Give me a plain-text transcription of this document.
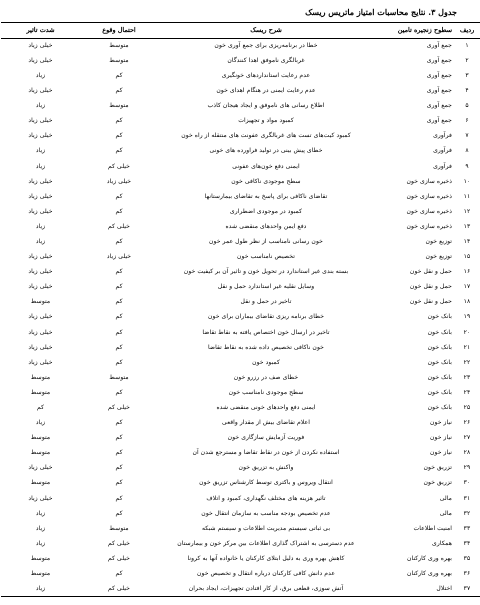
جدول ۳. نتایج محاسبات امتیاز ماتریس ریسک
ردیف	سطوح زنجیره تامین	شرح ریسک	احتمال وقوع	شدت تاثیر
۱	جمع آوری	خطا در برنامه‌ریزی برای جمع آوری خون	متوسط	خیلی زیاد
۲	جمع آوری	غربالگری ناموفق اهدا کنندگان	متوسط	خیلی زیاد
۳	جمع آوری	عدم رعایت استانداردهای خونگیری	کم	زیاد
۴	جمع آوری	عدم رعایت ایمنی در هنگام اهدای خون	کم	خیلی زیاد
۵	جمع آوری	اطلاع رسانی های ناموفق و ایجاد هیجان کاذب	متوسط	زیاد
۶	جمع آوری	کمبود مواد و تجهیزات	کم	خیلی زیاد
۷	فرآوری	کمبود کیت‌های تست های غربالگری عفونت های منتقله از راه خون	کم	خیلی زیاد
۸	فرآوری	خطای پیش بینی در تولید فراورده های خونی	کم	زیاد
۹	فرآوری	ایمنی دفع خون‌های عفونی	خیلی کم	زیاد
۱۰	ذخیره سازی خون	سطح موجودی ناکافی خون	خیلی زیاد	خیلی زیاد
۱۱	ذخیره سازی خون	تقاضای ناکافی برای پاسخ به تقاضای بیمارستانها	کم	خیلی زیاد
۱۲	ذخیره سازی خون	کمبود در موجودی اضطراری	کم	خیلی زیاد
۱۳	ذخیره سازی خون	دفع ایمن واحدهای منقضی شده	خیلی کم	زیاد
۱۴	توزیع خون	خون رسانی نامناسب از نظر طول عمر خون	کم	زیاد
۱۵	توزیع خون	تخصیص نامناسب خون	خیلی زیاد	خیلی زیاد
۱۶	حمل و نقل خون	بسته بندی غیر استاندارد در تحویل خون و تاثیر آن بر کیفیت خون	کم	خیلی زیاد
۱۷	حمل و نقل خون	وسایل نقلیه غیر استاندارد حمل و نقل	کم	خیلی زیاد
۱۸	حمل و نقل خون	تاخیر در حمل و نقل	کم	متوسط
۱۹	بانک خون	خطای برنامه ریزی تقاضای بیماران برای خون	کم	خیلی زیاد
۲۰	بانک خون	تاخیر در ارسال خون اختصاص یافته به نقاط تقاضا	کم	خیلی زیاد
۲۱	بانک خون	خون ناکافی تخصیص داده شده به نقاط تقاضا	کم	خیلی زیاد
۲۲	بانک خون	کمبود خون	کم	خیلی زیاد
۲۳	بانک خون	خطای صف در رزرو خون	متوسط	متوسط
۲۴	بانک خون	سطح موجودی نامناسب خون	کم	متوسط
۲۵	بانک خون	ایمنی دفع واحدهای خونی منقضی شده	خیلی کم	کم
۲۶	نیاز خون	اعلام تقاضای بیش از مقدار واقعی	کم	زیاد
۲۷	نیاز خون	فوریت آزمایش سازگاری خون	کم	متوسط
۲۸	نیاز خون	استفاده نکردن از خون در نقاط تقاضا و مسترجع شدن آن	کم	متوسط
۲۹	تزریق خون	واکنش به تزریق خون	کم	خیلی زیاد
۳۰	تزریق خون	انتقال ویروس و باکتری توسط کارشناس تزریق خون	کم	متوسط
۳۱	مالی	تاثیر هزینه های مختلف نگهداری، کمبود و اتلاف	کم	خیلی زیاد
۳۲	مالی	عدم تخصیص بودجه مناسب به سازمان انتقال خون	کم	زیاد
۳۳	امنیت اطلاعات	بی ثباتی سیستم مدیریت اطلاعات و سیستم شبکه	متوسط	زیاد
۳۴	همکاری	عدم دسترسی به اشتراک گذاری اطلاعات بین مرکز خون و بیمارستان	خیلی کم	زیاد
۳۵	بهره وری کارکنان	کاهش بهره وری به دلیل ابتلای کارکنان یا خانواده آنها به کرونا	خیلی کم	متوسط
۳۶	بهره وری کارکنان	عدم دانش کافی کارکنان درباره انتقال و تخصیص خون	کم	متوسط
۳۷	اختلال	آتش سوزی، قطعی برق، از کار افتادن تجهیزات، ایجاد بحران	خیلی کم	زیاد
